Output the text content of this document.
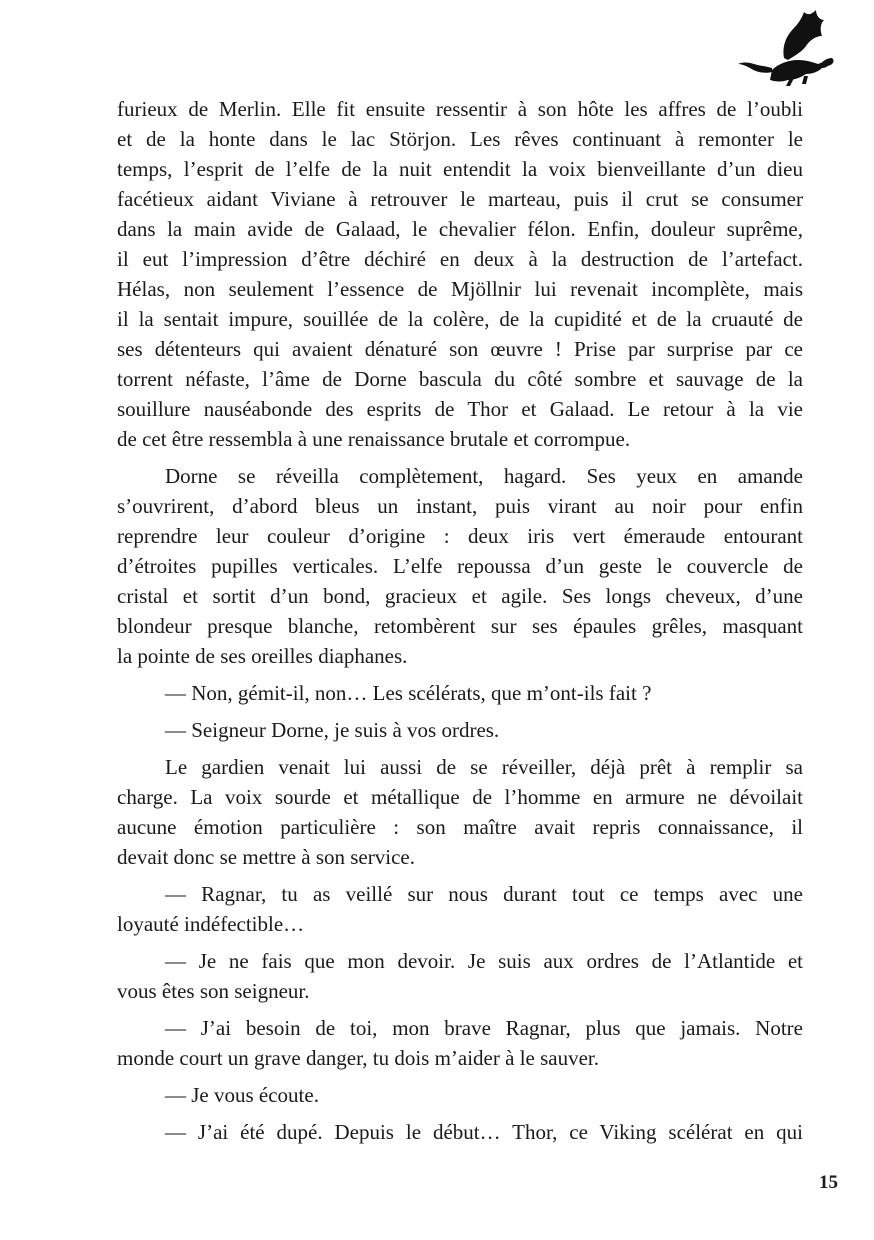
furieux de Merlin. Elle fit ensuite ressentir à son hôte les affres de l’oubli
et de la honte dans le lac Störjon. Les rêves continuant à remonter le
temps, l’esprit de l’elfe de la nuit entendit la voix bienveillante d’un dieu
facétieux aidant Viviane à retrouver le marteau, puis il crut se consumer
dans la main avide de Galaad, le chevalier félon. Enfin, douleur suprême,
il eut l’impression d’être déchiré en deux à la destruction de l’artefact.
Hélas, non seulement l’essence de Mjöllnir lui revenait incomplète, mais
il la sentait impure, souillée de la colère, de la cupidité et de la cruauté de
ses détenteurs qui avaient dénaturé son œuvre ! Prise par surprise par ce
torrent néfaste, l’âme de Dorne bascula du côté sombre et sauvage de la
souillure nauséabonde des esprits de Thor et Galaad. Le retour à la vie
de cet être ressembla à une renaissance brutale et corrompue.
Dorne se réveilla complètement, hagard. Ses yeux en amande
s’ouvrirent, d’abord bleus un instant, puis virant au noir pour enfin
reprendre leur couleur d’origine : deux iris vert émeraude entourant
d’étroites pupilles verticales. L’elfe repoussa d’un geste le couvercle de
cristal et sortit d’un bond, gracieux et agile. Ses longs cheveux, d’une
blondeur presque blanche, retombèrent sur ses épaules grêles, masquant
la pointe de ses oreilles diaphanes.
— Non, gémit-il, non… Les scélérats, que m’ont-ils fait ?
— Seigneur Dorne, je suis à vos ordres.
Le gardien venait lui aussi de se réveiller, déjà prêt à remplir sa
charge. La voix sourde et métallique de l’homme en armure ne dévoilait
aucune émotion particulière : son maître avait repris connaissance, il
devait donc se mettre à son service.
— Ragnar, tu as veillé sur nous durant tout ce temps avec une
loyauté indéfectible…
— Je ne fais que mon devoir. Je suis aux ordres de l’Atlantide et
vous êtes son seigneur.
— J’ai besoin de toi, mon brave Ragnar, plus que jamais. Notre
monde court un grave danger, tu dois m’aider à le sauver.
— Je vous écoute.
— J’ai été dupé. Depuis le début… Thor, ce Viking scélérat en qui
15
